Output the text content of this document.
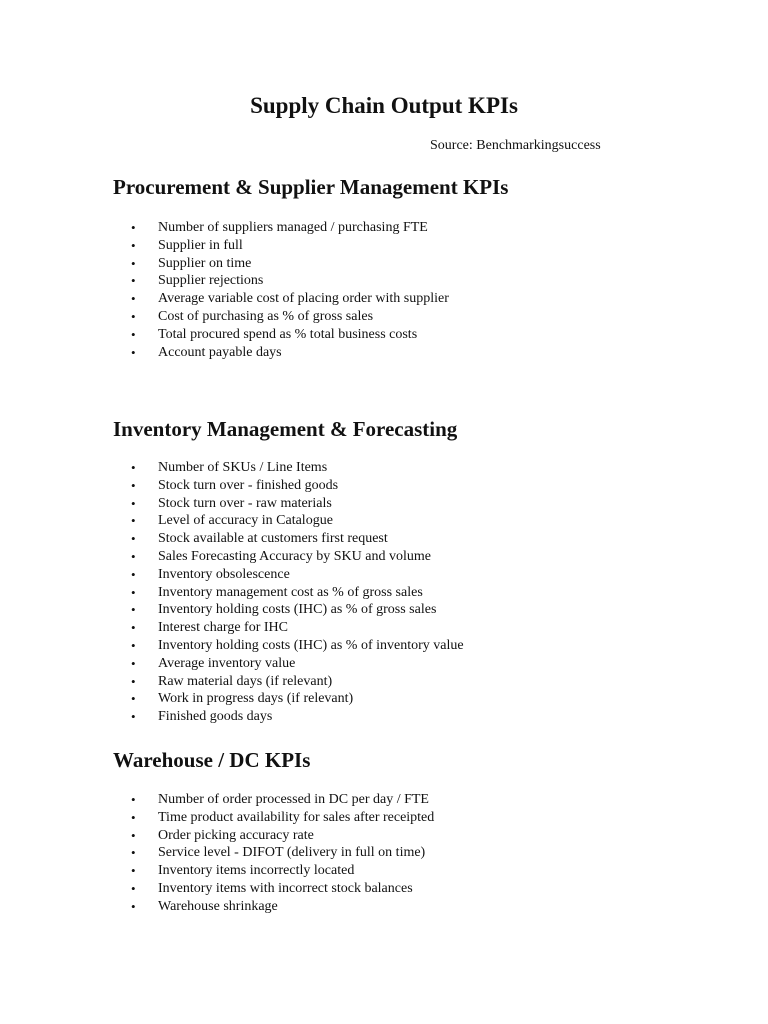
Supply Chain Output KPIs
Source: Benchmarkingsuccess
Procurement & Supplier Management KPIs
• Number of suppliers managed / purchasing FTE
• Supplier in full
• Supplier on time
• Supplier rejections
• Average variable cost of placing order with supplier
• Cost of purchasing as % of gross sales
• Total procured spend as % total business costs
• Account payable days
Inventory Management & Forecasting
• Number of SKUs / Line Items
• Stock turn over - finished goods
• Stock turn over - raw materials
• Level of accuracy in Catalogue
• Stock available at customers first request
• Sales Forecasting Accuracy by SKU and volume
• Inventory obsolescence
• Inventory management cost as % of gross sales
• Inventory holding costs (IHC) as % of gross sales
• Interest charge for IHC
• Inventory holding costs (IHC) as % of inventory value
• Average inventory value
• Raw material days (if relevant)
• Work in progress days (if relevant)
• Finished goods days
Warehouse / DC KPIs
• Number of order processed in DC per day / FTE
• Time product availability for sales after receipted
• Order picking accuracy rate
• Service level - DIFOT (delivery in full on time)
• Inventory items incorrectly located
• Inventory items with incorrect stock balances
• Warehouse shrinkage
